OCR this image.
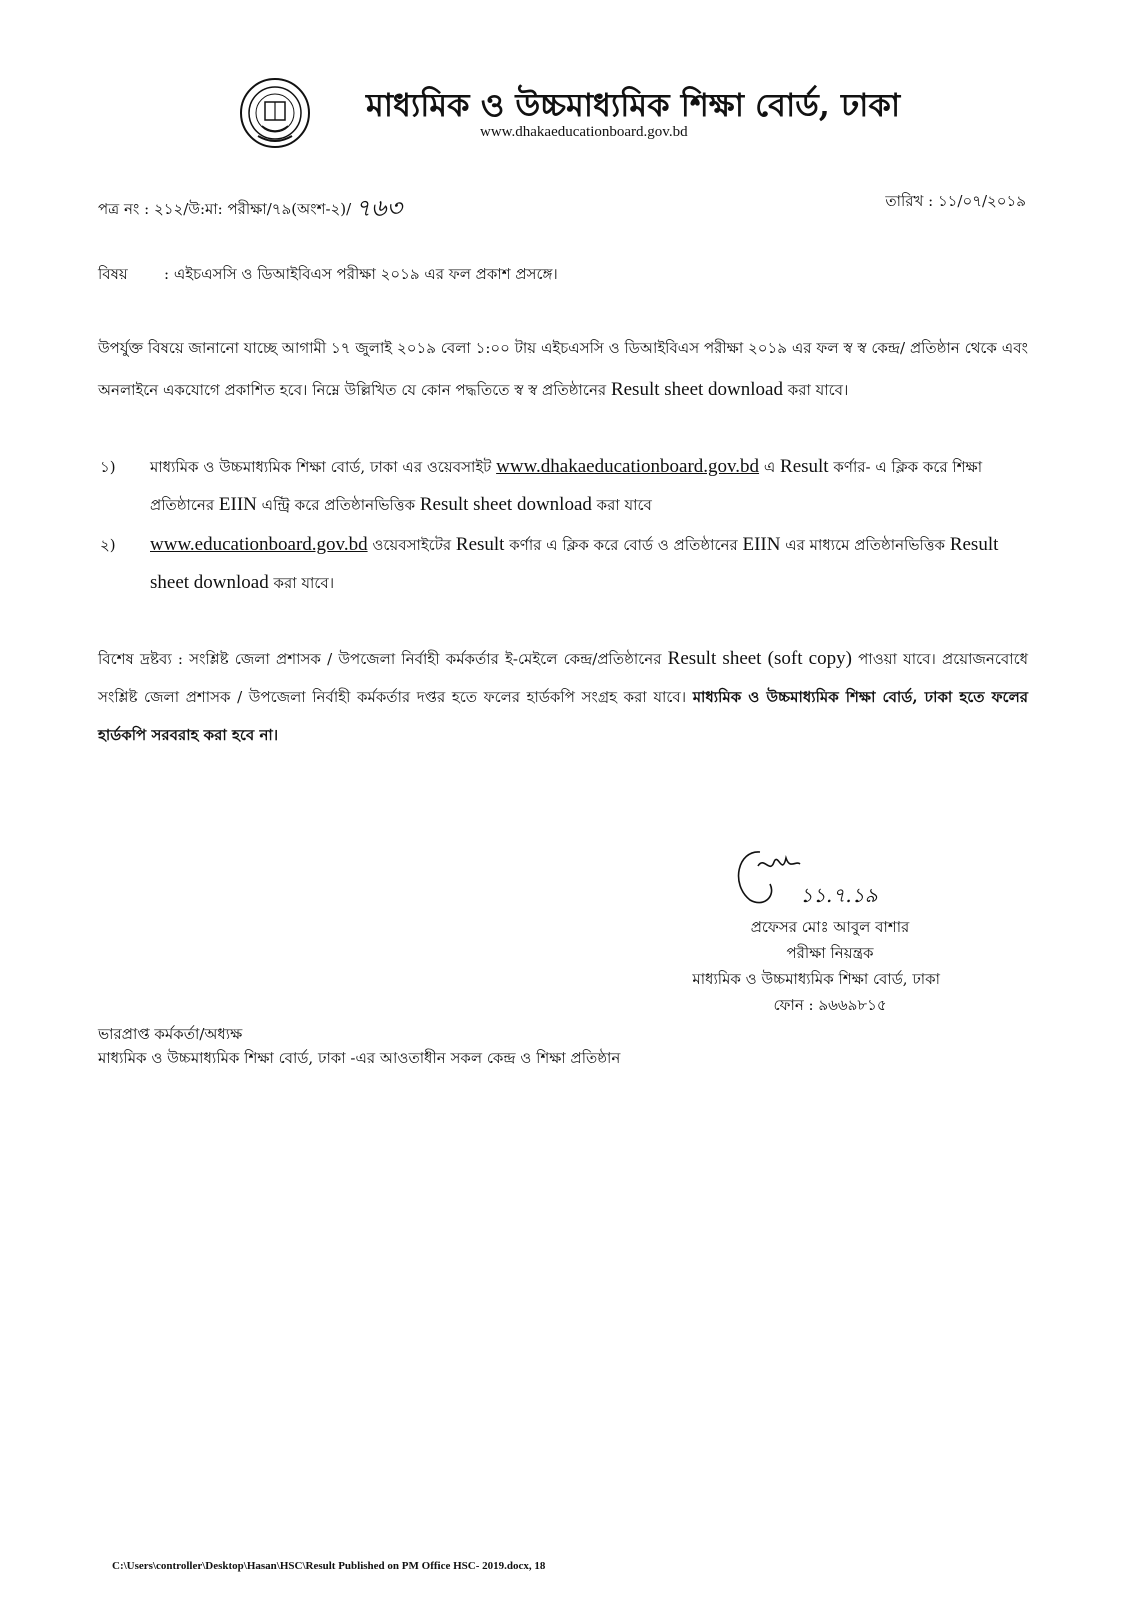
মাধ্যমিক ও উচ্চমাধ্যমিক শিক্ষা বোর্ড, ঢাকা
www.dhakaeducationboard.gov.bd
পত্র নং : ২১২/উ:মা: পরীক্ষা/৭৯(অংশ-২)/ ৭৬৩	তারিখ : ১১/০৭/২০১৯
বিষয় : এইচএসসি ও ডিআইবিএস পরীক্ষা ২০১৯ এর ফল প্রকাশ প্রসঙ্গে।
উপর্যুক্ত বিষয়ে জানানো যাচ্ছে আগামী ১৭ জুলাই ২০১৯ বেলা ১:০০ টায় এইচএসসি ও ডিআইবিএস পরীক্ষা ২০১৯ এর ফল স্ব স্ব কেন্দ্র/ প্রতিষ্ঠান থেকে এবং অনলাইনে একযোগে প্রকাশিত হবে। নিম্নে উল্লিখিত যে কোন পদ্ধতিতে স্ব স্ব প্রতিষ্ঠানের Result sheet download করা যাবে।
১) মাধ্যমিক ও উচ্চমাধ্যমিক শিক্ষা বোর্ড, ঢাকা এর ওয়েবসাইট www.dhakaeducationboard.gov.bd এ Result কর্ণার- এ ক্লিক করে শিক্ষা প্রতিষ্ঠানের EIIN এন্ট্রি করে প্রতিষ্ঠানভিত্তিক Result sheet download করা যাবে
২) www.educationboard.gov.bd ওয়েবসাইটের Result কর্ণার এ ক্লিক করে বোর্ড ও প্রতিষ্ঠানের EIIN এর মাধ্যমে প্রতিষ্ঠানভিত্তিক Result sheet download করা যাবে।
বিশেষ দ্রষ্টব্য : সংশ্লিষ্ট জেলা প্রশাসক / উপজেলা নির্বাহী কর্মকর্তার ই-মেইলে কেন্দ্র/প্রতিষ্ঠানের Result sheet (soft copy) পাওয়া যাবে। প্রয়োজনবোধে সংশ্লিষ্ট জেলা প্রশাসক / উপজেলা নির্বাহী কর্মকর্তার দপ্তর হতে ফলের হার্ডকপি সংগ্রহ করা যাবে। মাধ্যমিক ও উচ্চমাধ্যমিক শিক্ষা বোর্ড, ঢাকা হতে ফলের হার্ডকপি সরবরাহ করা হবে না।
১১.৭.১৯
প্রফেসর মোঃ আবুল বাশার
পরীক্ষা নিয়ন্ত্রক
মাধ্যমিক ও উচ্চমাধ্যমিক শিক্ষা বোর্ড, ঢাকা
ফোন : ৯৬৬৯৮১৫
ভারপ্রাপ্ত কর্মকর্তা/অধ্যক্ষ
মাধ্যমিক ও উচ্চমাধ্যমিক শিক্ষা বোর্ড, ঢাকা -এর আওতাধীন সকল কেন্দ্র ও শিক্ষা প্রতিষ্ঠান
C:\Users\controller\Desktop\Hasan\HSC\Result Published on PM Office HSC- 2019.docx, 18
